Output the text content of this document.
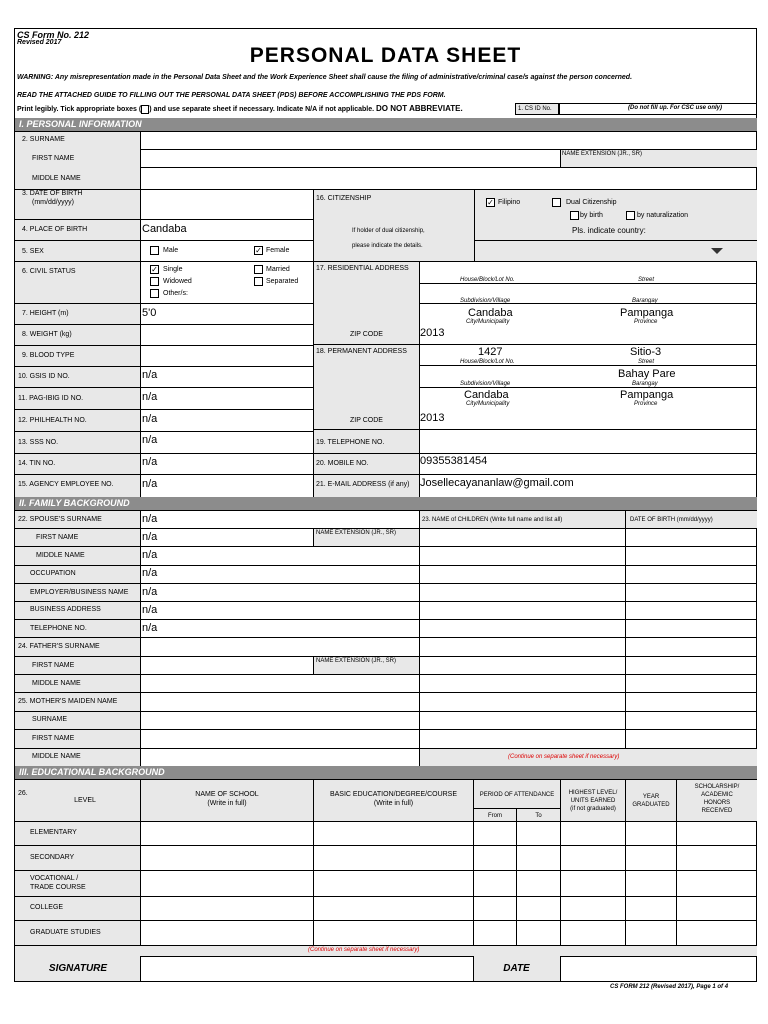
CS Form No. 212
Revised 2017
PERSONAL DATA SHEET
WARNING: Any misrepresentation made in the Personal Data Sheet and the Work Experience Sheet shall cause the filing of administrative/criminal case/s against the person concerned.
READ THE ATTACHED GUIDE TO FILLING OUT THE PERSONAL DATA SHEET (PDS) BEFORE ACCOMPLISHING THE PDS FORM.
Print legibly. Tick appropriate boxes ( ) and use separate sheet if necessary. Indicate N/A if not applicable. DO NOT ABBREVIATE.	1. CS ID No.	(Do not fill up. For CSC use only)
I. PERSONAL INFORMATION
2. SURNAME
FIRST NAME
MIDDLE NAME
NAME EXTENSION (JR., SR)
3. DATE OF BIRTH
(mm/dd/yyyy)
4. PLACE OF BIRTH	Candaba
5. SEX	Male	✓ Female
6. CIVIL STATUS	✓ Single	Married
Widowed	Separated
Other/s:
7. HEIGHT (m)	5'0
8. WEIGHT (kg)
9. BLOOD TYPE
10. GSIS ID NO.	n/a
11. PAG-IBIG ID NO.	n/a
12. PHILHEALTH NO.	n/a
13. SSS NO.	n/a
14. TIN NO.	n/a
15. AGENCY EMPLOYEE NO.	n/a
16. CITIZENSHIP
If holder of dual citizenship,
please indicate the details.
✓ Filipino	Dual Citizenship
by birth	by naturalization
Pls. indicate country:
17. RESIDENTIAL ADDRESS
House/Block/Lot No.	Street
Subdivision/Village	Barangay
Candaba	Pampanga
City/Municipality	Province
ZIP CODE	2013
18. PERMANENT ADDRESS	1427	Sitio-3
House/Block/Lot No.	Street
Bahay Pare
Subdivision/Village	Barangay
Candaba	Pampanga
City/Municipality	Province
ZIP CODE	2013
19. TELEPHONE NO.
20. MOBILE NO.	09355381454
21. E-MAIL ADDRESS (if any) Josellecayananlaw@gmail.com
II. FAMILY BACKGROUND
22. SPOUSE'S SURNAME	n/a
FIRST NAME	n/a	NAME EXTENSION (JR., SR)
MIDDLE NAME	n/a
OCCUPATION	n/a
EMPLOYER/BUSINESS NAME n/a
BUSINESS ADDRESS	n/a
TELEPHONE NO.	n/a
23. NAME of CHILDREN (Write full name and list all)	DATE OF BIRTH (mm/dd/yyyy)
24. FATHER'S SURNAME
FIRST NAME
NAME EXTENSION (JR., SR)
MIDDLE NAME
25. MOTHER'S MAIDEN NAME
SURNAME
FIRST NAME
MIDDLE NAME	(Continue on separate sheet if necessary)
III. EDUCATIONAL BACKGROUND
26.
LEVEL
NAME OF SCHOOL
(Write in full)
BASIC EDUCATION/DEGREE/COURSE
(Write in full)
PERIOD OF ATTENDANCE
From	To
HIGHEST LEVEL/
UNITS EARNED
(if not graduated)
YEAR
GRADUATED
SCHOLARSHIP/
ACADEMIC
HONORS
RECEIVED
ELEMENTARY
SECONDARY
VOCATIONAL /
TRADE COURSE
COLLEGE
GRADUATE STUDIES
(Continue on separate sheet if necessary)
SIGNATURE	DATE
CS FORM 212 (Revised 2017), Page 1 of 4
